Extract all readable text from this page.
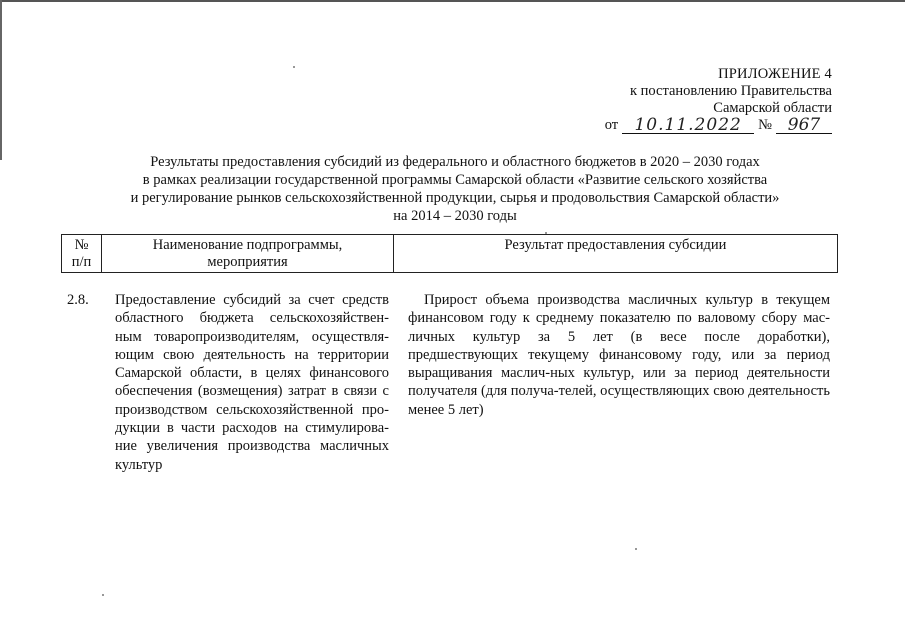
ПРИЛОЖЕНИЕ 4
к постановлению Правительства
Самарской области
от 10.11.2022	№ 967
Результаты предоставления субсидий из федерального и областного бюджетов в 2020 – 2030 годах
в рамках реализации государственной программы Самарской области «Развитие сельского хозяйства
и регулирование рынков сельскохозяйственной продукции, сырья и продовольствия Самарской области»
на 2014 – 2030 годы
№
п/п
Наименование подпрограммы,
мероприятия
Результат предоставления субсидии
2.8.	Предоставление субсидий за счет средств областного бюджета сельскохозяйствен-ным товаропроизводителям, осуществля-ющим свою деятельность на территории Самарской области, в целях финансового обеспечения (возмещения) затрат в связи с производством сельскохозяйственной про-дукции в части расходов на стимулирова-ние увеличения производства масличных культур
Прирост объема производства масличных культур в текущем финансовом году к среднему показателю по валовому сбору мас-личных культур за 5 лет (в весе после доработки), предшествующих текущему финансовому году, или за период выращивания маслич-ных культур, или за период деятельности получателя (для получа-телей, осуществляющих свою деятельность менее 5 лет)
